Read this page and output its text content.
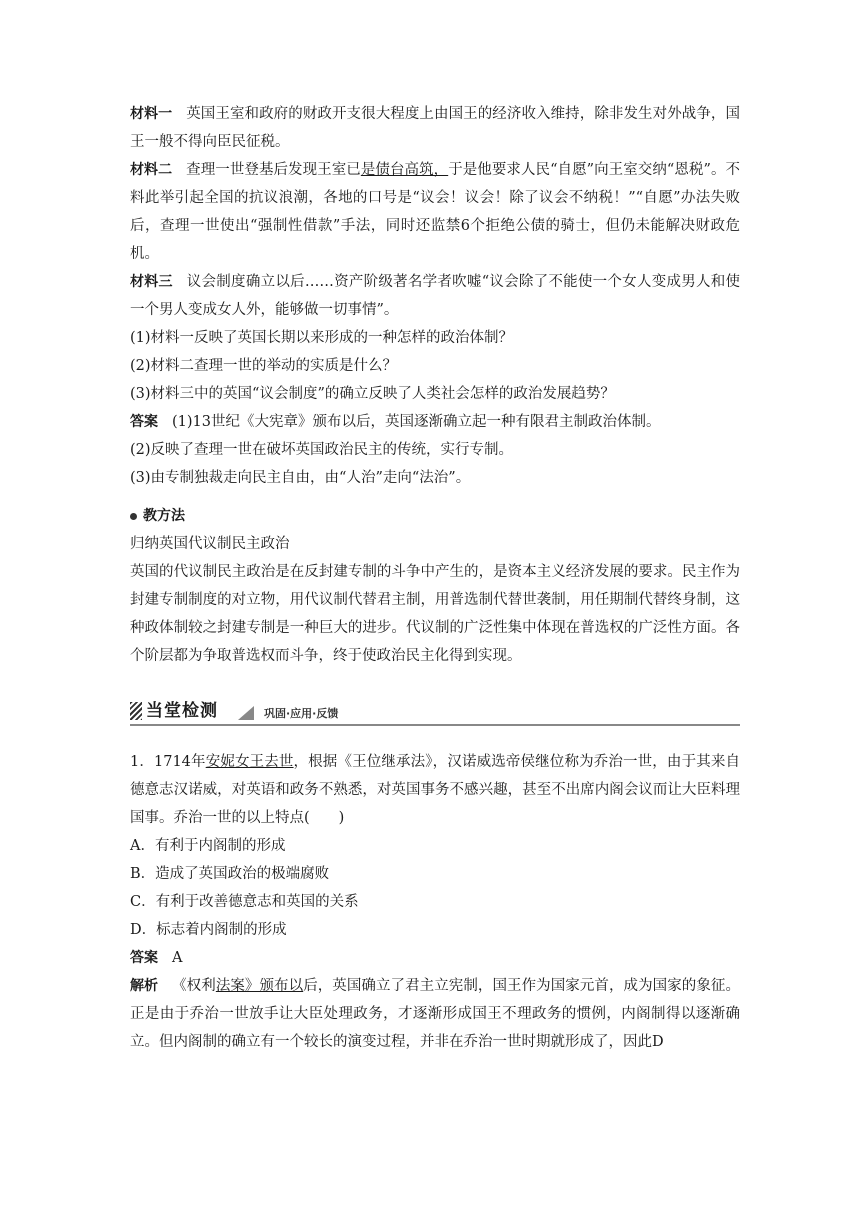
材料一 英国王室和政府的财政开支很大程度上由国王的经济收入维持，除非发生对外战争，国王一般不得向臣民征税。

材料二 查理一世登基后发现王室已是债台高筑，于是他要求人民“自愿”向王室交纳“恩税”。不料此举引起全国的抗议浪潮，各地的口号是“议会！议会！除了议会不纳税！”“自愿”办法失败后，查理一世使出“强制性借款”手法，同时还监禁6个拒绝公债的骑士，但仍未能解决财政危机。

材料三 议会制度确立以后……资产阶级著名学者吹嘘“议会除了不能使一个女人变成男人和使一个男人变成女人外，能够做一切事情”。

(1)材料一反映了英国长期以来形成的一种怎样的政治体制？

(2)材料二查理一世的举动的实质是什么？

(3)材料三中的英国“议会制度”的确立反映了人类社会怎样的政治发展趋势？

答案 (1)13世纪《大宪章》颁布以后，英国逐渐确立起一种有限君主制政治体制。

(2)反映了查理一世在破坏英国政治民主的传统，实行专制。

(3)由专制独裁走向民主自由，由“人治”走向“法治”。

教方法

归纳英国代议制民主政治

英国的代议制民主政治是在反封建专制的斗争中产生的，是资本主义经济发展的要求。民主作为封建专制制度的对立物，用代议制代替君主制，用普选制代替世袭制，用任期制代替终身制，这种政体制较之封建专制是一种巨大的进步。代议制的广泛性集中体现在普选权的广泛性方面。各个阶层都为争取普选权而斗争，终于使政治民主化得到实现。

当堂检测	巩固·应用·反馈

1．1714年安妮女王去世，根据《王位继承法》，汉诺威选帝侯继位称为乔治一世，由于其来自德意志汉诺威，对英语和政务不熟悉，对英国事务不感兴趣，甚至不出席内阁会议而让大臣料理国事。乔治一世的以上特点(　　)

A．有利于内阁制的形成

B．造成了英国政治的极端腐败

C．有利于改善德意志和英国的关系

D．标志着内阁制的形成

答案 A

解析 《权利法案》颁布以后，英国确立了君主立宪制，国王作为国家元首，成为国家的象征。正是由于乔治一世放手让大臣处理政务，才逐渐形成国王不理政务的惯例，内阁制得以逐渐确立。但内阁制的确立有一个较长的演变过程，并非在乔治一世时期就形成了，因此D
